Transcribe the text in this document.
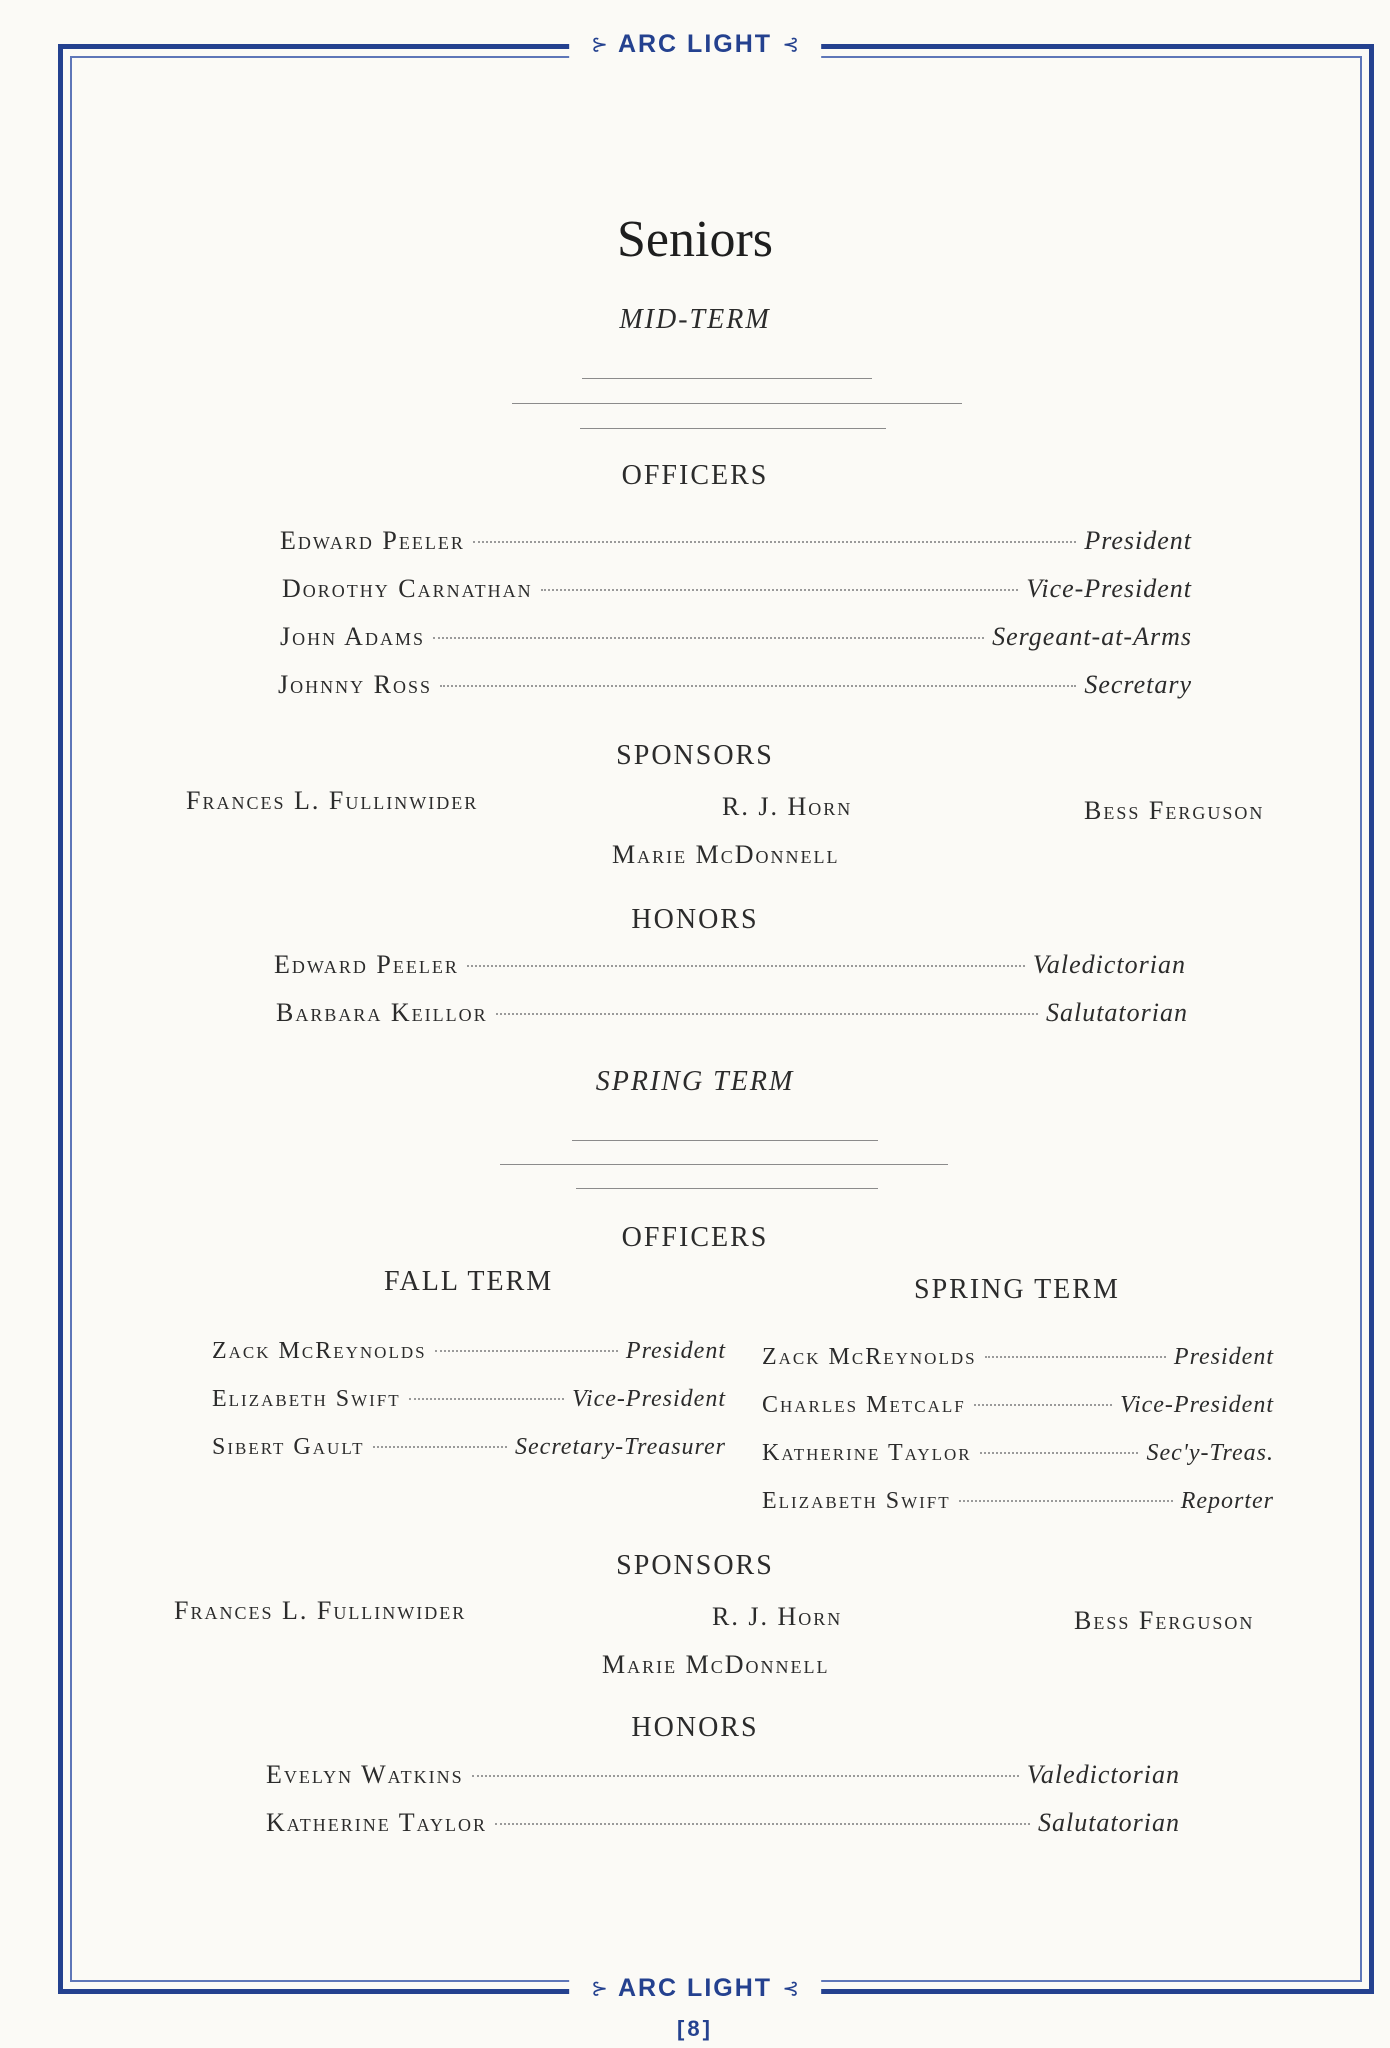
⊱ ARC LIGHT ⊱
Seniors
MID-TERM
OFFICERS
Edward Peeler	President
Dorothy Carnathan	Vice-President
John Adams	Sergeant-at-Arms
Johnny Ross	Secretary
SPONSORS
Frances L. Fullinwider	R. J. Horn	Bess Ferguson
Marie McDonnell
HONORS
Edward Peeler	Valedictorian
Barbara Keillor	Salutatorian
SPRING TERM
OFFICERS
FALL TERM	SPRING TERM
Zack McReynolds	President
Elizabeth Swift	Vice-President
Sibert Gault	Secretary-Treasurer
Zack McReynolds	President
Charles Metcalf	Vice-President
Katherine Taylor	Sec'y-Treas.
Elizabeth Swift	Reporter
SPONSORS
Frances L. Fullinwider	R. J. Horn	Bess Ferguson
Marie McDonnell
HONORS
Evelyn Watkins	Valedictorian
Katherine Taylor	Salutatorian
⊱ ARC LIGHT ⊱
[8]
